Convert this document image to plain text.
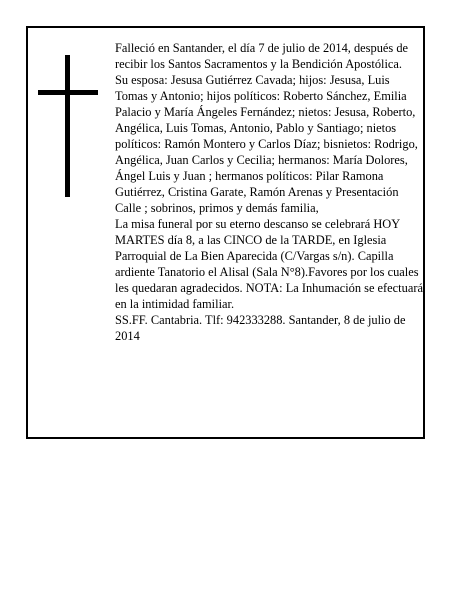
Falleció en Santander, el día 7 de julio de 2014, después de recibir los Santos Sacramentos y la Bendición Apostólica.

Su esposa: Jesusa Gutiérrez Cavada; hijos: Jesusa, Luis Tomas y Antonio; hijos políticos: Roberto Sánchez, Emilia Palacio y María Ángeles Fernández; nietos: Jesusa, Roberto, Angélica, Luis Tomas, Antonio, Pablo y Santiago; nietos políticos: Ramón Montero y Carlos Díaz; bisnietos: Rodrigo, Angélica, Juan Carlos y Cecilia; hermanos: María Dolores, Ángel Luis y Juan ; hermanos políticos: Pilar Ramona Gutiérrez, Cristina Garate, Ramón Arenas y Presentación Calle ; sobrinos, primos y demás familia,

La misa funeral por su eterno descanso se celebrará HOY MARTES día 8, a las CINCO de la TARDE, en Iglesia Parroquial de La Bien Aparecida (C/Vargas s/n). Capilla ardiente Tanatorio el Alisal (Sala N°8).Favores por los cuales les quedaran agradecidos. NOTA: La Inhumación se efectuará en la intimidad familiar.

SS.FF. Cantabria. Tlf: 942333288. Santander, 8 de julio de 2014
